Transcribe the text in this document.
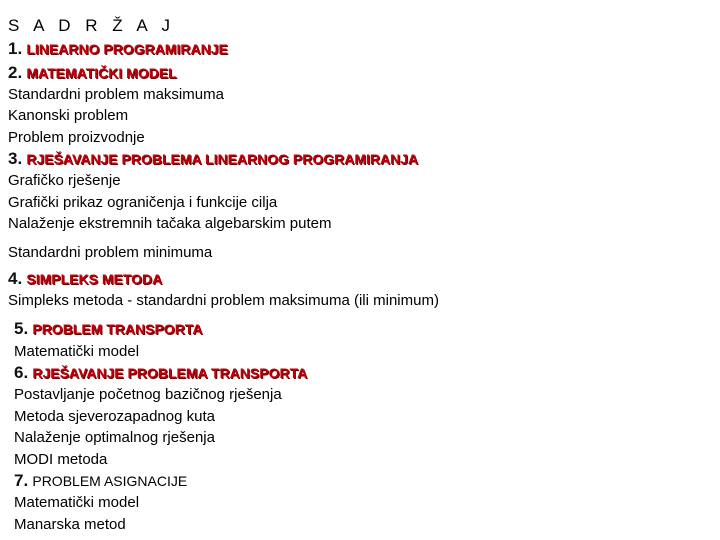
S A D R Ž A J
1. LINEARNO PROGRAMIRANJE
2. MATEMATIČKI MODEL
Standardni problem maksimuma
Kanonski problem
Problem proizvodnje
3. RJEŠAVANJE PROBLEMA LINEARNOG PROGRAMIRANJA
Grafičko rješenje
Grafički prikaz ograničenja i funkcije cilja
Nalaženje ekstremnih tačaka algebarskim putem
Standardni problem minimuma
4. SIMPLEKS METODA
Simpleks metoda - standardni problem maksimuma (ili minimum)
5. PROBLEM TRANSPORTA
Matematički model
6. RJEŠAVANJE PROBLEMA TRANSPORTA
Postavljanje početnog bazičnog rješenja
Metoda sjeverozapadnog kuta
Nalaženje optimalnog rješenja
MODI metoda
7. PROBLEM ASIGNACIJE
Matematički model
Manarska metod
